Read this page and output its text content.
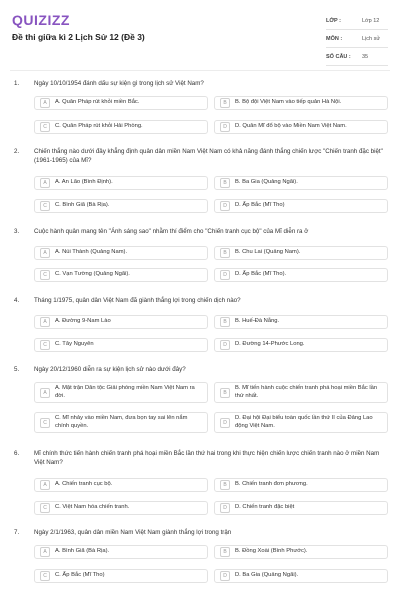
QUIZIZZ
Đề thi giữa kì 2 Lịch Sử 12 (Đề 3)
LỚP :	Lớp 12
MÔN :	Lịch sử
SỐ CÂU :	35
1. Ngày 10/10/1954 đánh dấu sự kiện gì trong lịch sử Việt Nam?
A	A. Quân Pháp rút khỏi miền Bắc.	B	B. Bộ đội Việt Nam vào tiếp quản Hà Nội.
C	C. Quân Pháp rút khỏi Hải Phòng.	D	D. Quân Mĩ đổ bộ vào Miền Nam Việt Nam.
2. Chiến thắng nào dưới đây khẳng định quân dân miền Nam Việt Nam có khả năng đánh thắng chiến lược "Chiến tranh đặc biệt" (1961-1965) của Mĩ?
A	A. An Lão (Bình Định).	B	B. Ba Gia (Quảng Ngãi).
C	C. Bình Giã (Bà Rịa).	D	D. Ấp Bắc (Mĩ Tho)
3. Cuộc hành quân mang tên "Ánh sáng sao" nhằm thí điểm cho "Chiến tranh cục bộ" của Mĩ diễn ra ở
A	A. Núi Thành (Quảng Nam).	B	B. Chu Lai (Quảng Nam).
C	C. Vạn Tường (Quảng Ngãi).	D	D. Ấp Bắc (Mĩ Tho).
4. Tháng 1/1975, quân dân Việt Nam đã giành thắng lợi trong chiến dịch nào?
A	A. Đường 9-Nam Lào	B	B. Huế-Đà Nẵng.
C	C. Tây Nguyên	D	D. Đường 14-Phước Long.
5. Ngày 20/12/1960 diễn ra sự kiện lịch sử nào dưới đây?
A
A. Mặt trận Dân tộc Giải phóng miền Nam Việt Nam ra đời.	B
B. Mĩ tiến hành cuộc chiến tranh phá hoại miền Bắc lần thứ nhất.
C
C. Mĩ nhảy vào miền Nam, đưa bọn tay sai lên nắm chính quyền.	D
D. Đại hội Đại biểu toàn quốc lần thứ II của Đảng Lao động Việt Nam.
6. Mĩ chính thức tiến hành chiến tranh phá hoại miền Bắc lần thứ hai trong khi thực hiện chiến lược chiến tranh nào ở miền Nam Việt Nam?
A	A. Chiến tranh cục bộ.	B	B. Chiến tranh đơn phương.
C	C. Việt Nam hóa chiến tranh.	D	D. Chiến tranh đặc biệt
7. Ngày 2/1/1963, quân dân miền Nam Việt Nam giành thắng lợi trong trận
A	A. Bình Giã (Bà Rịa).	B	B. Đồng Xoài (Bình Phước).
C	C. Ấp Bắc (Mĩ Tho)	D	D. Ba Gia (Quảng Ngãi).
